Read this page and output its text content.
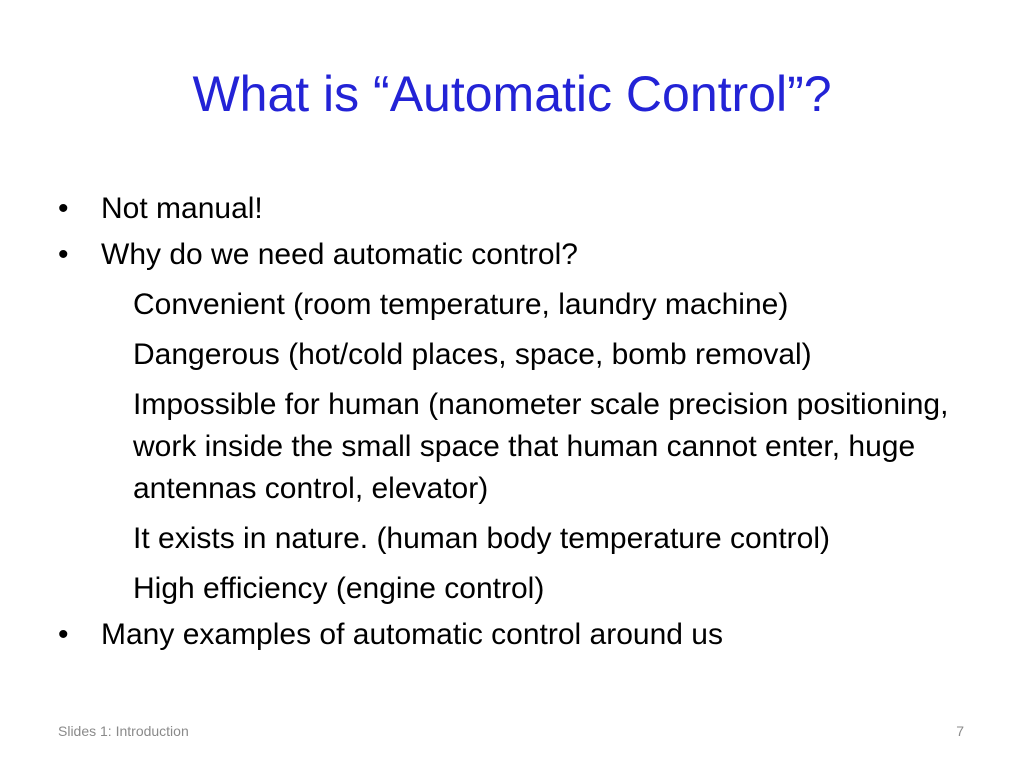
What is “Automatic Control”?
•	Not manual!
•	Why do we need automatic control?
Convenient (room temperature, laundry machine)
Dangerous (hot/cold places, space, bomb removal)
Impossible for human (nanometer scale precision positioning, work inside the small space that human cannot enter, huge antennas control, elevator)
It exists in nature. (human body temperature control)
High efficiency (engine control)
•	Many examples of automatic control around us
Slides 1: Introduction	7
